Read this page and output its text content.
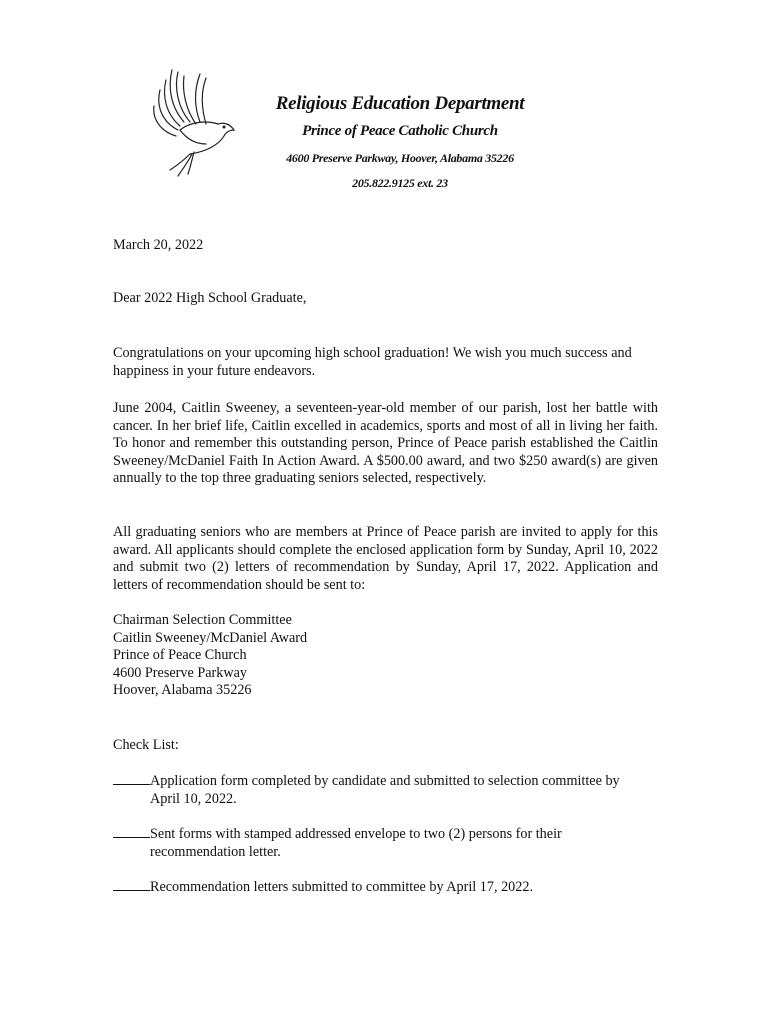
Religious Education Department
Prince of Peace Catholic Church
4600 Preserve Parkway, Hoover, Alabama 35226
205.822.9125 ext. 23
March 20, 2022
Dear 2022 High School Graduate,
Congratulations on your upcoming high school graduation! We wish you much success and happiness in your future endeavors.
June 2004, Caitlin Sweeney, a seventeen-year-old member of our parish, lost her battle with cancer. In her brief life, Caitlin excelled in academics, sports and most of all in living her faith. To honor and remember this outstanding person, Prince of Peace parish established the Caitlin Sweeney/McDaniel Faith In Action Award. A $500.00 award, and two $250 award(s) are given annually to the top three graduating seniors selected, respectively.
All graduating seniors who are members at Prince of Peace parish are invited to apply for this award. All applicants should complete the enclosed application form by Sunday, April 10, 2022 and submit two (2) letters of recommendation by Sunday, April 17, 2022. Application and letters of recommendation should be sent to:
Chairman Selection Committee
Caitlin Sweeney/McDaniel Award
Prince of Peace Church
4600 Preserve Parkway
Hoover, Alabama 35226
Check List:
Application form completed by candidate and submitted to selection committee by
April 10, 2022.
Sent forms with stamped addressed envelope to two (2) persons for their
recommendation letter.
Recommendation letters submitted to committee by April 17, 2022.
